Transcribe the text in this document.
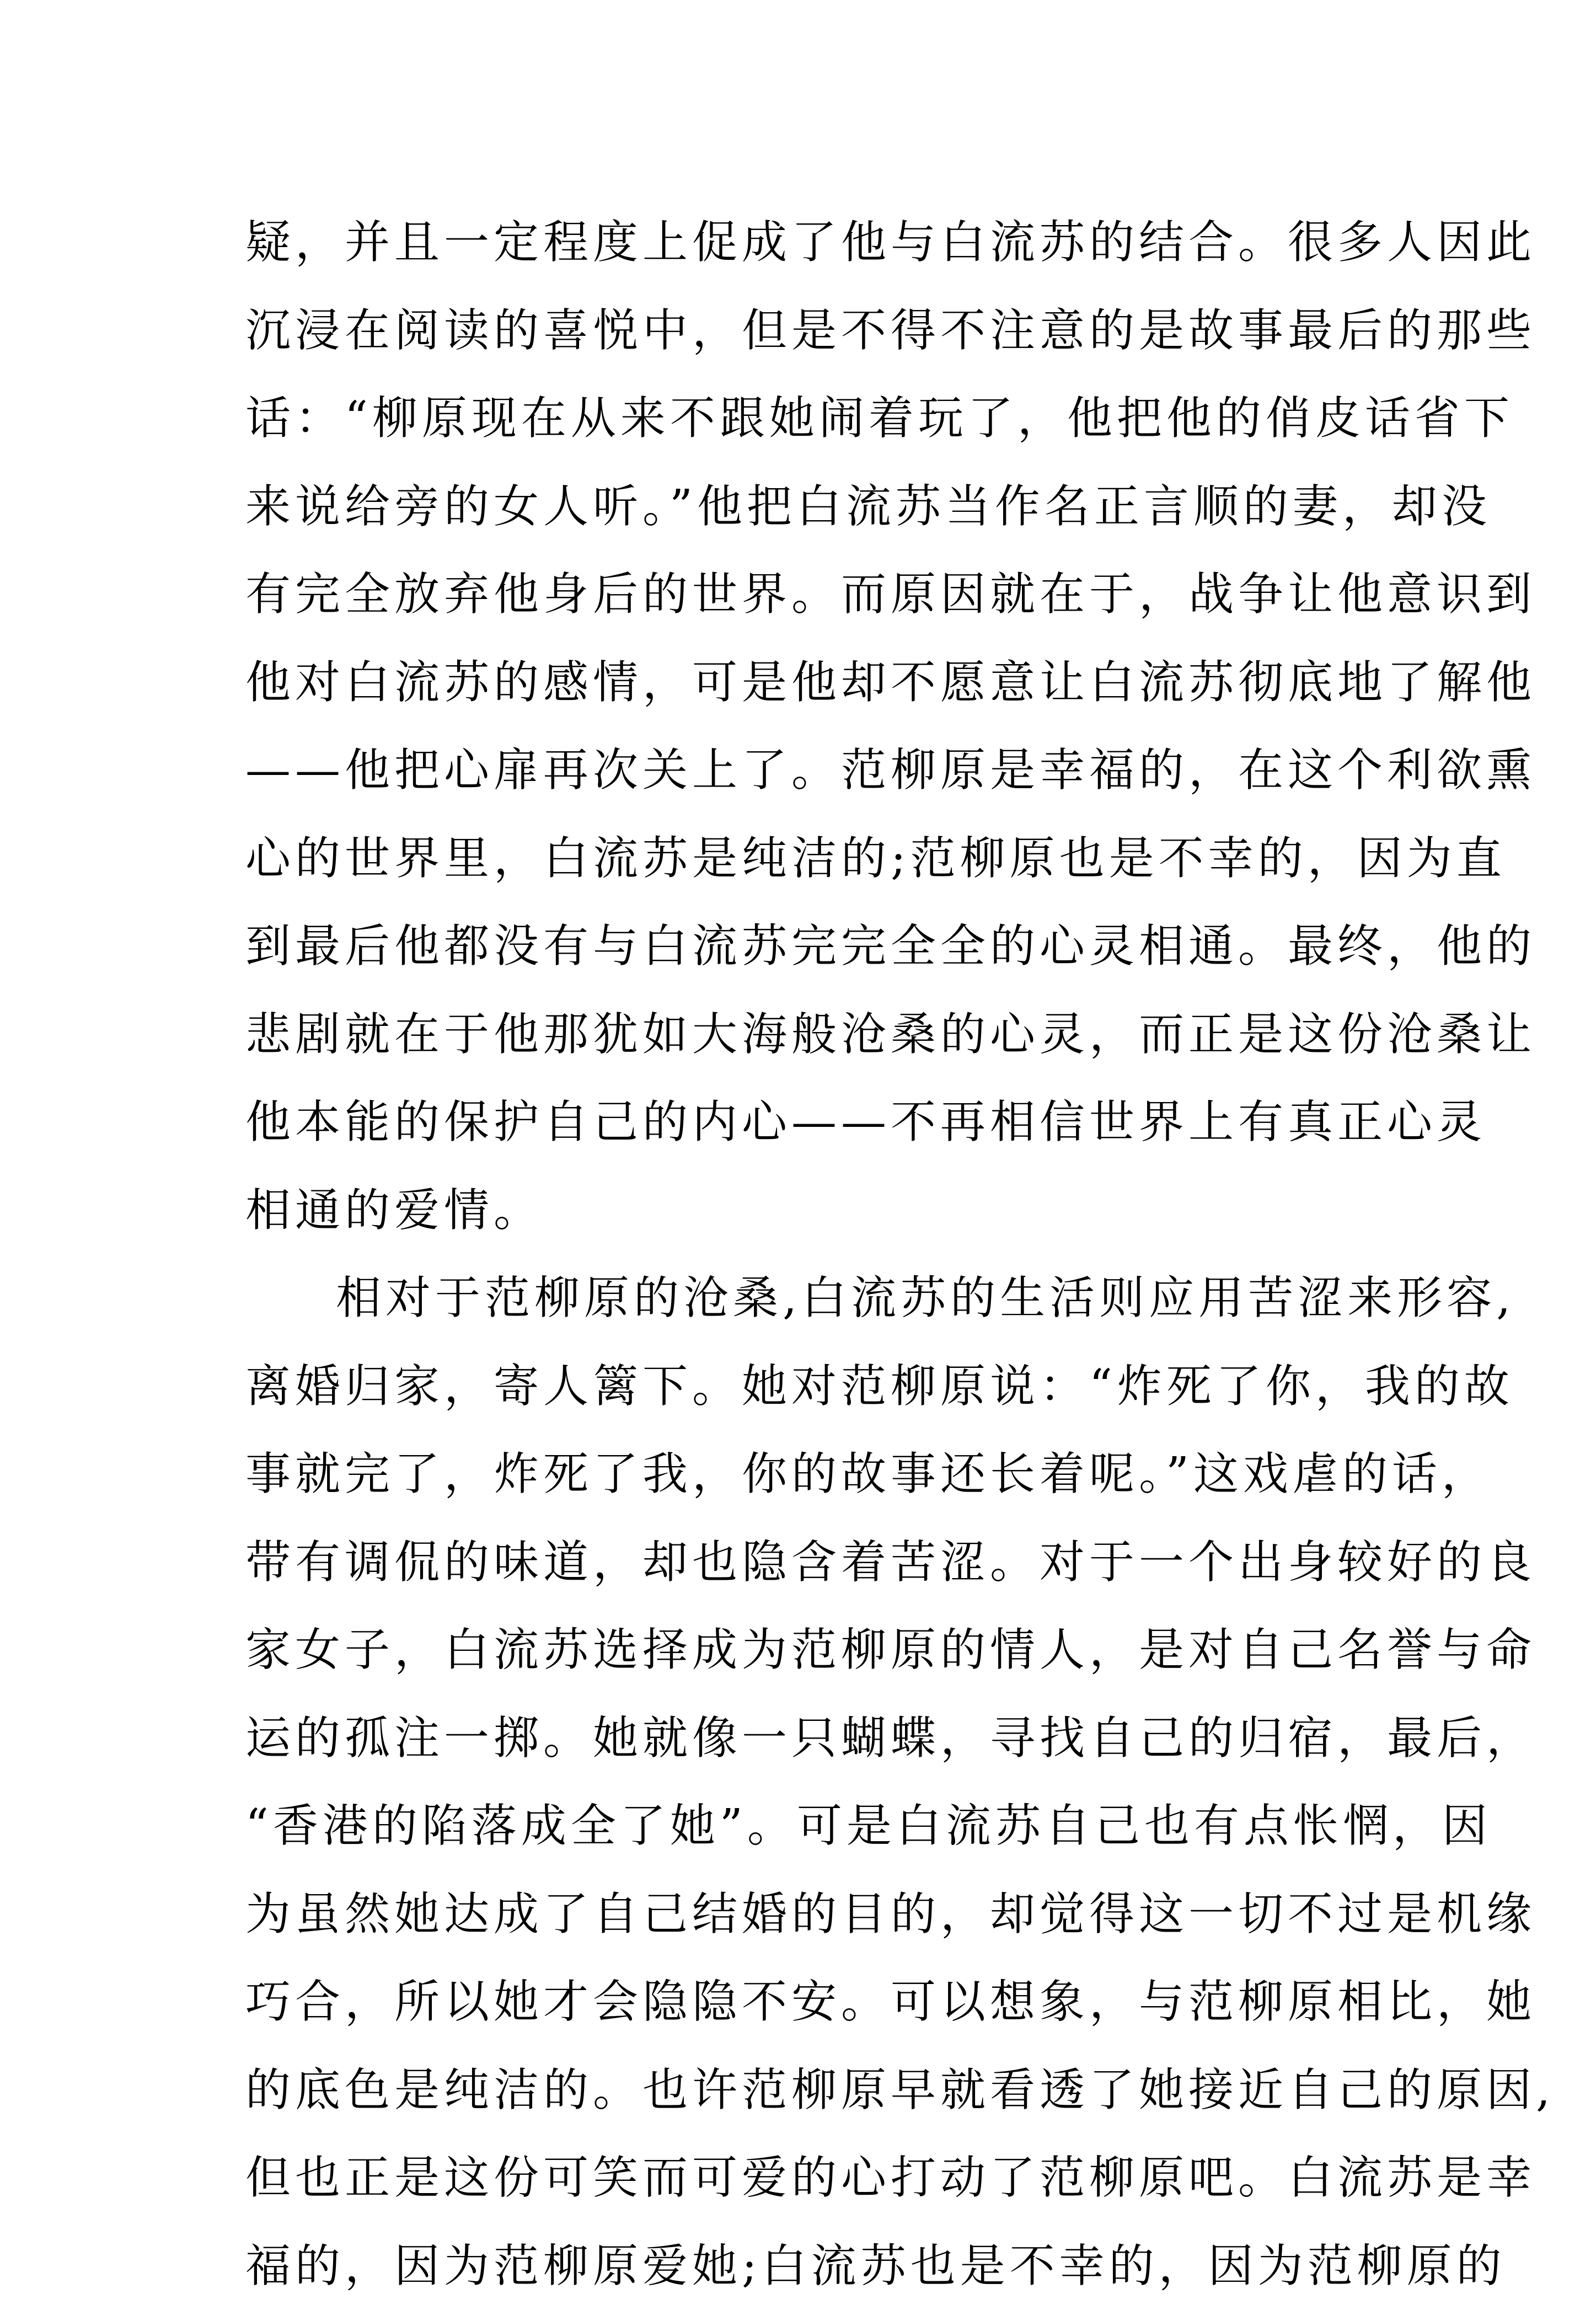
疑，并且一定程度上促成了他与白流苏的结合。很多人因此
沉浸在阅读的喜悦中，但是不得不注意的是故事最后的那些
话：“柳原现在从来不跟她闹着玩了，他把他的俏皮话省下
来说给旁的女人听。”他把白流苏当作名正言顺的妻，却没
有完全放弃他身后的世界。而原因就在于，战争让他意识到
他对白流苏的感情，可是他却不愿意让白流苏彻底地了解他
——他把心扉再次关上了。范柳原是幸福的，在这个利欲熏
心的世界里，白流苏是纯洁的;范柳原也是不幸的，因为直
到最后他都没有与白流苏完完全全的心灵相通。最终，他的
悲剧就在于他那犹如大海般沧桑的心灵，而正是这份沧桑让
他本能的保护自己的内心——不再相信世界上有真正心灵
相通的爱情。
相对于范柳原的沧桑,白流苏的生活则应用苦涩来形容,
离婚归家，寄人篱下。她对范柳原说：“炸死了你，我的故
事就完了，炸死了我，你的故事还长着呢。”这戏虐的话，
带有调侃的味道，却也隐含着苦涩。对于一个出身较好的良
家女子，白流苏选择成为范柳原的情人，是对自己名誉与命
运的孤注一掷。她就像一只蝴蝶，寻找自己的归宿，最后，
“香港的陷落成全了她”。可是白流苏自己也有点怅惘，因
为虽然她达成了自己结婚的目的，却觉得这一切不过是机缘
巧合，所以她才会隐隐不安。可以想象，与范柳原相比，她
的底色是纯洁的。也许范柳原早就看透了她接近自己的原因,
但也正是这份可笑而可爱的心打动了范柳原吧。白流苏是幸
福的，因为范柳原爱她;白流苏也是不幸的，因为范柳原的
